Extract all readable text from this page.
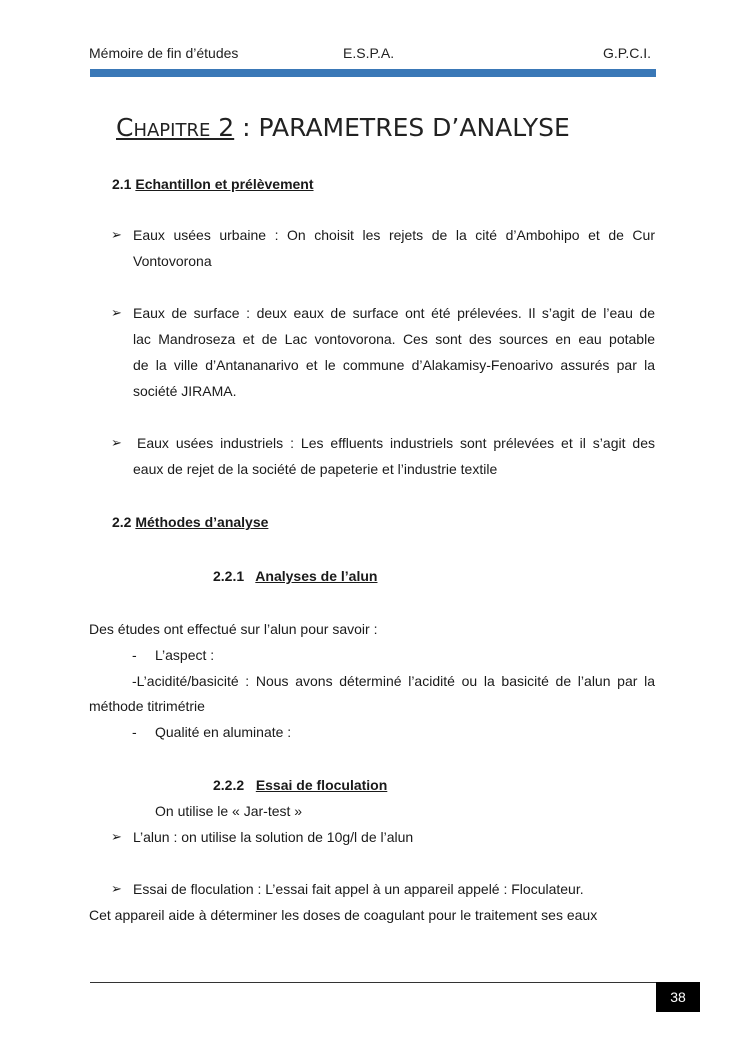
Mémoire de fin d’études	E.S.P.A.	G.P.C.I.
Chapitre 2 : PARAMETRES D’ANALYSE
2.1 Echantillon et prélèvement
➢ Eaux usées urbaine : On choisit les rejets de la cité d’Ambohipo et de Cur
Vontovorona
➢ Eaux de surface : deux eaux de surface ont été prélevées. Il s’agit de l’eau de
lac Mandroseza et de Lac vontovorona. Ces sont des sources en eau potable
de la ville d’Antananarivo et le commune d’Alakamisy-Fenoarivo assurés par la
société JIRAMA.
➢ Eaux usées industriels : Les effluents industriels sont prélevées et il s’agit des
eaux de rejet de la société de papeterie et l’industrie textile
2.2 Méthodes d’analyse
2.2.1 Analyses de l’alun
Des études ont effectué sur l’alun pour savoir :
- L’aspect :
-L’acidité/basicité : Nous avons déterminé l’acidité ou la basicité de l’alun par la
méthode titrimétrie
- Qualité en aluminate :
2.2.2 Essai de floculation
On utilise le « Jar-test »
➢ L’alun : on utilise la solution de 10g/l de l’alun
➢ Essai de floculation : L’essai fait appel à un appareil appelé : Floculateur.
Cet appareil aide à déterminer les doses de coagulant pour le traitement ses eaux
38
